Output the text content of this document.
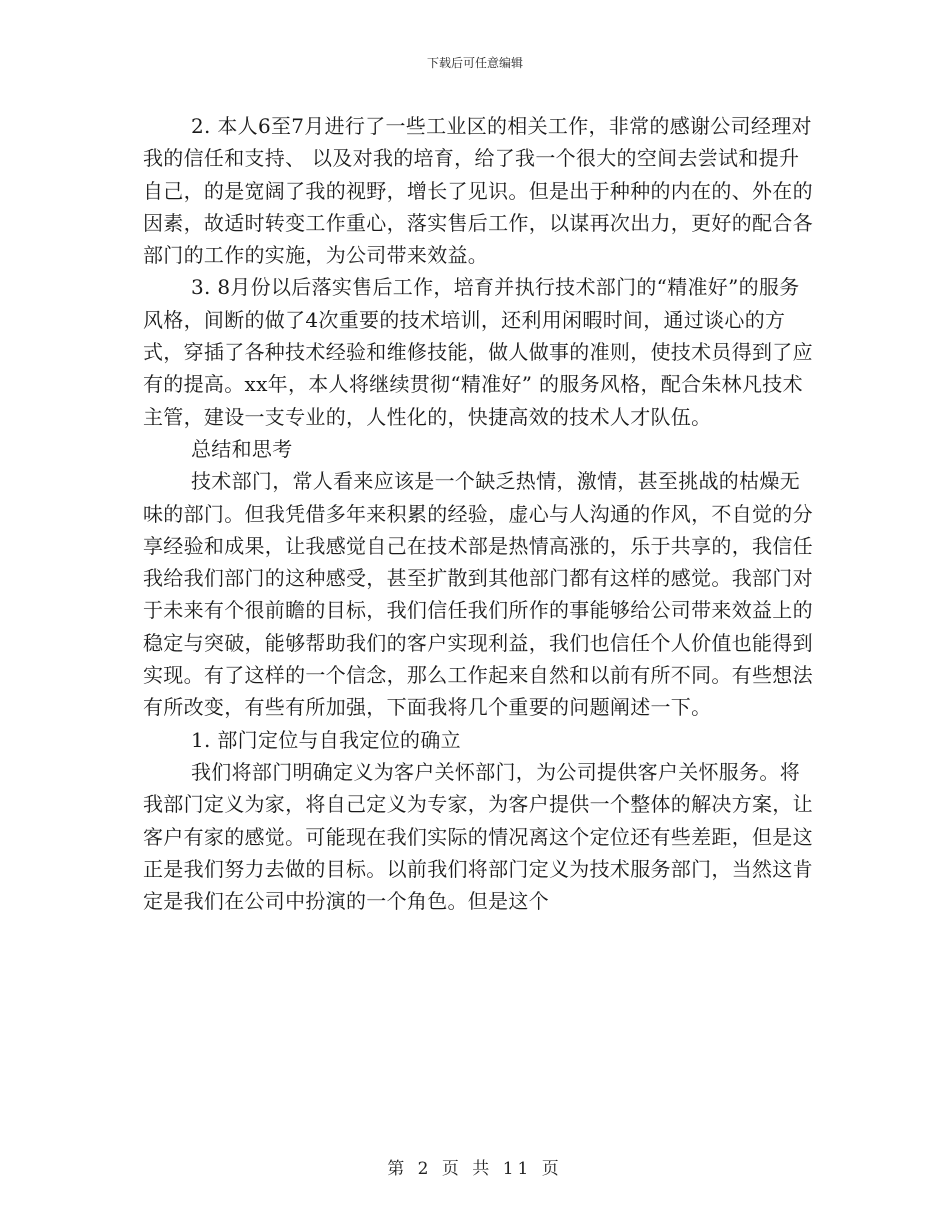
下载后可任意编辑

2. 本人6至7月进行了一些工业区的相关工作，非常的感谢公司经理对我的信任和支持、 以及对我的培育，给了我一个很大的空间去尝试和提升自己，的是宽阔了我的视野，增长了见识。但是出于种种的内在的、外在的因素，故适时转变工作重心，落实售后工作，以谋再次出力，更好的配合各部门的工作的实施，为公司带来效益。

3. 8月份以后落实售后工作，培育并执行技术部门的“精准好”的服务风格，间断的做了4次重要的技术培训，还利用闲暇时间，通过谈心的方式，穿插了各种技术经验和维修技能，做人做事的准则，使技术员得到了应有的提高。xx年，本人将继续贯彻“精准好” 的服务风格，配合朱林凡技术主管，建设一支专业的，人性化的，快捷高效的技术人才队伍。

总结和思考

技术部门，常人看来应该是一个缺乏热情，激情，甚至挑战的枯燥无味的部门。但我凭借多年来积累的经验，虚心与人沟通的作风，不自觉的分享经验和成果，让我感觉自己在技术部是热情高涨的，乐于共享的，我信任我给我们部门的这种感受，甚至扩散到其他部门都有这样的感觉。我部门对于未来有个很前瞻的目标，我们信任我们所作的事能够给公司带来效益上的稳定与突破，能够帮助我们的客户实现利益，我们也信任个人价值也能得到实现。有了这样的一个信念，那么工作起来自然和以前有所不同。有些想法有所改变，有些有所加强，下面我将几个重要的问题阐述一下。

1. 部门定位与自我定位的确立

我们将部门明确定义为客户关怀部门，为公司提供客户关怀服务。将我部门定义为家，将自己定义为专家，为客户提供一个整体的解决方案，让客户有家的感觉。可能现在我们实际的情况离这个定位还有些差距，但是这正是我们努力去做的目标。以前我们将部门定义为技术服务部门，当然这肯定是我们在公司中扮演的一个角色。但是这个

第 2 页 共 11 页
